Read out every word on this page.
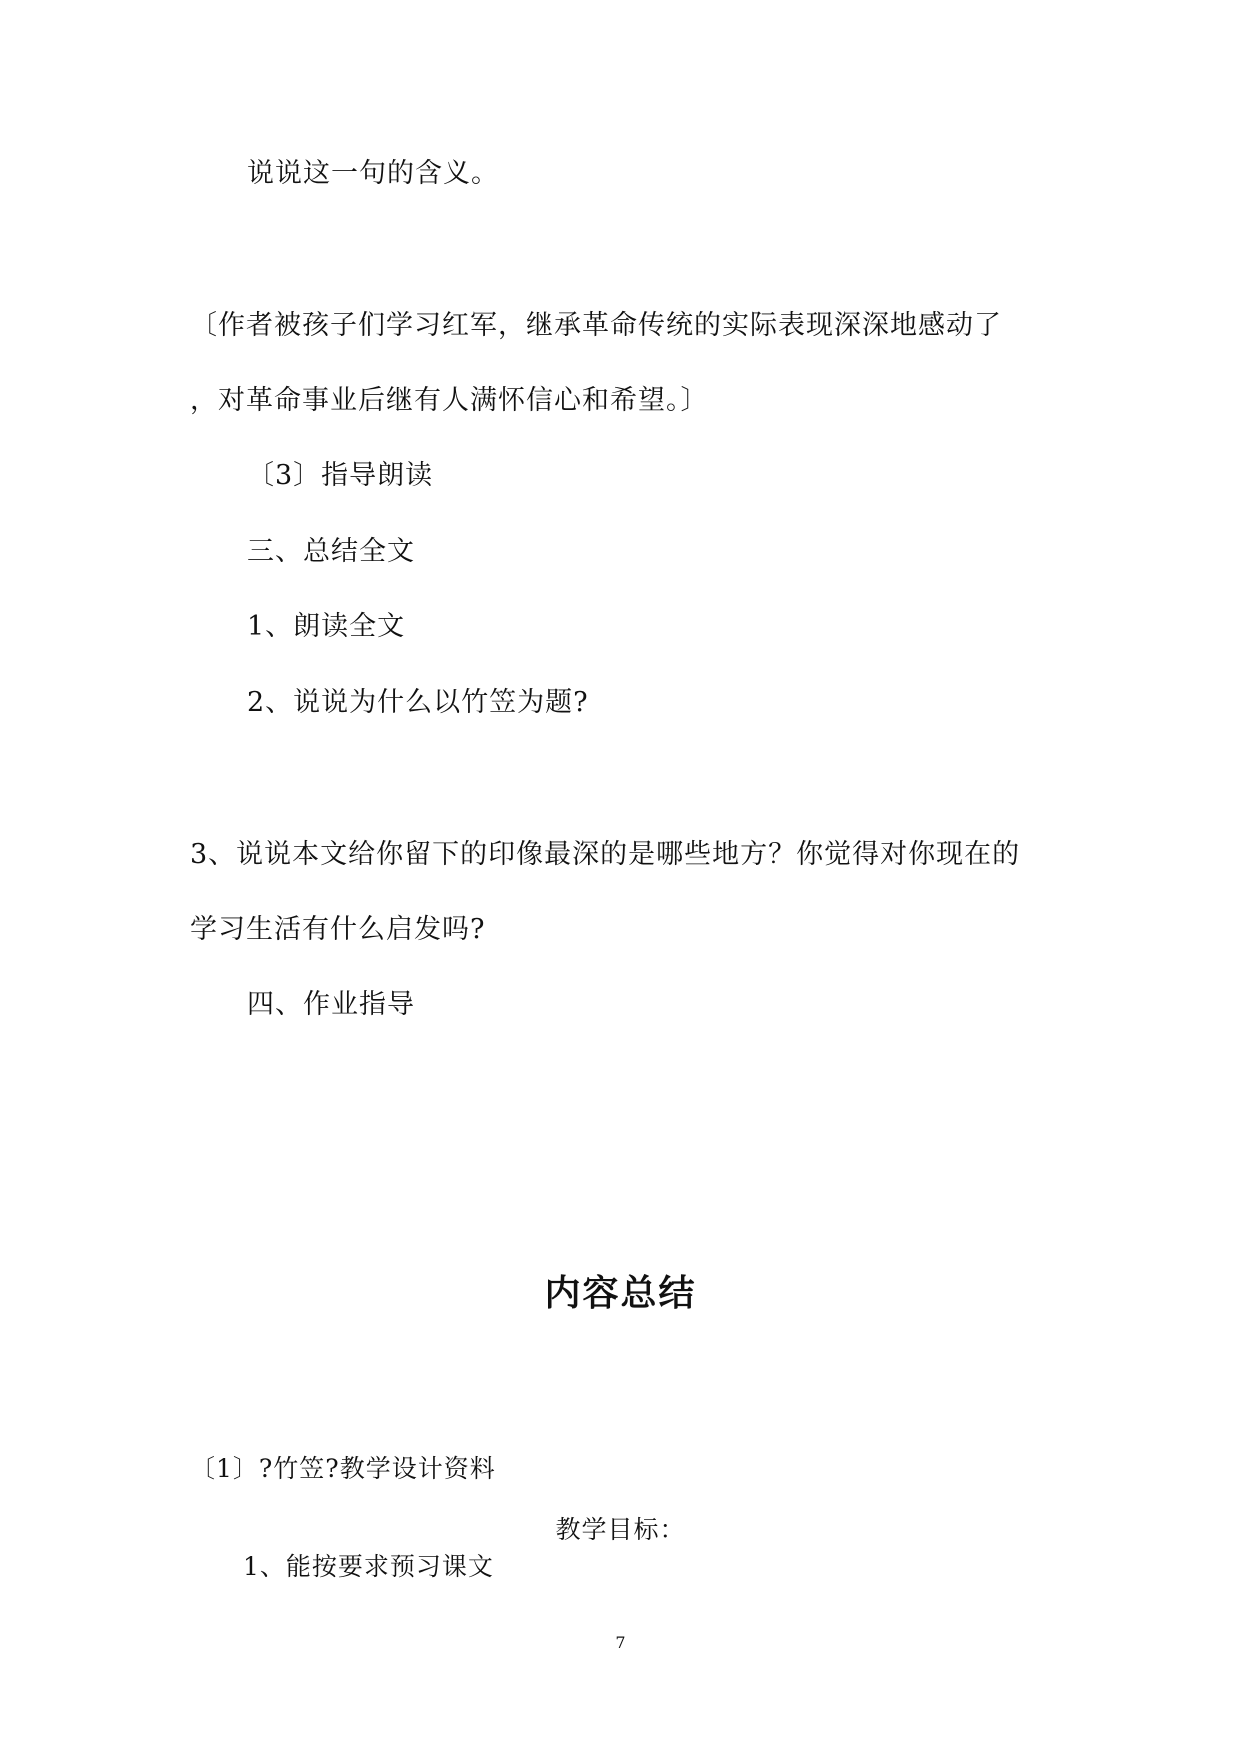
说说这一句的含义。
〔作者被孩子们学习红军，继承革命传统的实际表现深深地感动了
，对革命事业后继有人满怀信心和希望。〕
〔3〕指导朗读
三、总结全文
1、朗读全文
2、说说为什么以竹笠为题?
3、说说本文给你留下的印像最深的是哪些地方？你觉得对你现在的
学习生活有什么启发吗?
四、作业指导
内容总结
〔1〕?竹笠?教学设计资料
教学目标：
1、能按要求预习课文
7
